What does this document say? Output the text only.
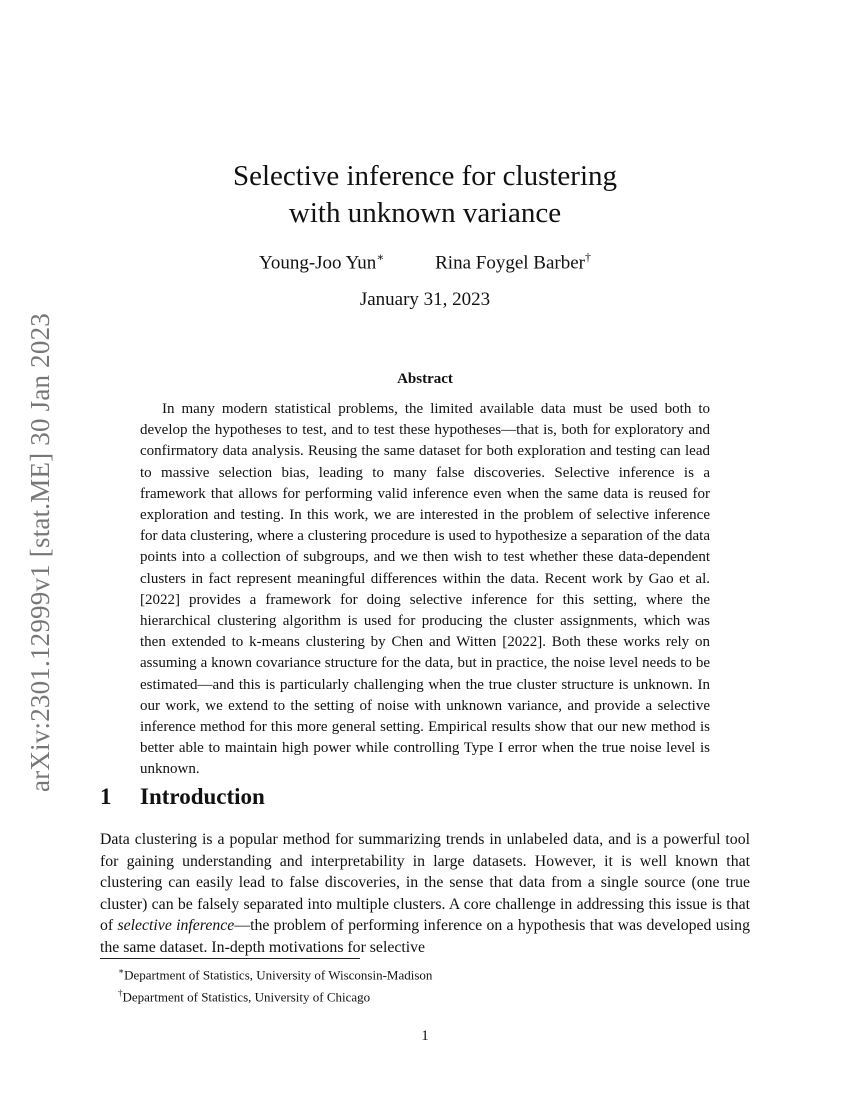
arXiv:2301.12999v1 [stat.ME] 30 Jan 2023
Selective inference for clustering
with unknown variance
Young-Joo Yun∗	Rina Foygel Barber†
January 31, 2023
Abstract

In many modern statistical problems, the limited available data must be used both to develop the hypotheses to test, and to test these hypotheses—that is, both for exploratory and confirmatory data analysis. Reusing the same dataset for both exploration and testing can lead to massive selection bias, leading to many false discoveries. Selective inference is a framework that allows for performing valid inference even when the same data is reused for exploration and testing. In this work, we are interested in the problem of selective inference for data clustering, where a clustering procedure is used to hypothesize a separation of the data points into a collection of subgroups, and we then wish to test whether these data-dependent clusters in fact represent meaningful differences within the data. Recent work by Gao et al. [2022] provides a framework for doing selective inference for this setting, where the hierarchical clustering algorithm is used for producing the cluster assignments, which was then extended to k-means clustering by Chen and Witten [2022]. Both these works rely on assuming a known covariance structure for the data, but in practice, the noise level needs to be estimated—and this is particularly challenging when the true cluster structure is unknown. In our work, we extend to the setting of noise with unknown variance, and provide a selective inference method for this more general setting. Empirical results show that our new method is better able to maintain high power while controlling Type I error when the true noise level is unknown.

1 Introduction

Data clustering is a popular method for summarizing trends in unlabeled data, and is a powerful tool for gaining understanding and interpretability in large datasets. However, it is well known that clustering can easily lead to false discoveries, in the sense that data from a single source (one true cluster) can be falsely separated into multiple clusters. A core challenge in addressing this issue is that of selective inference—the problem of performing inference on a hypothesis that was developed using the same dataset. In-depth motivations for selective

∗Department of Statistics, University of Wisconsin-Madison
†Department of Statistics, University of Chicago
1
